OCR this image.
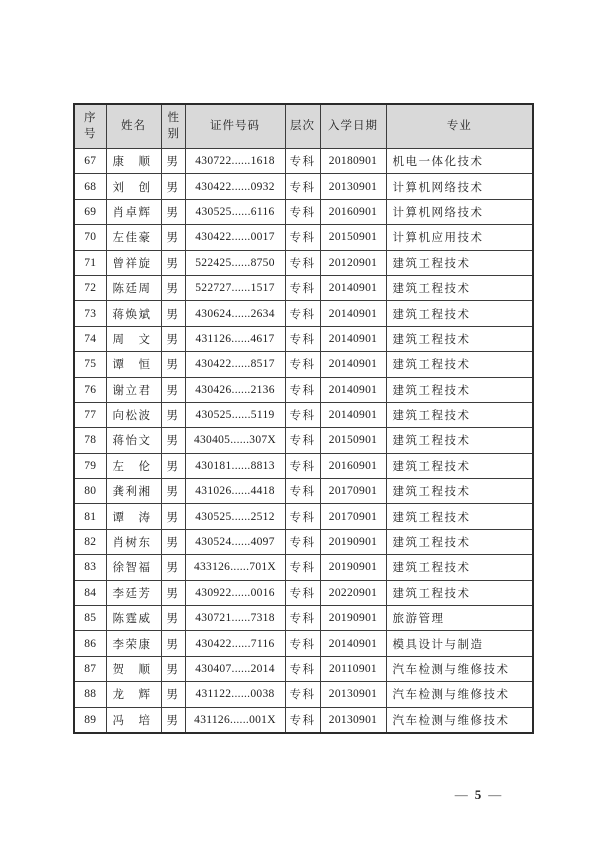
序号	姓名	性别	证件号码	层次	入学日期	专业
67	康　顺	男	430722......1618	专科	20180901	机电一体化技术
68	刘　创	男	430422......0932	专科	20130901	计算机网络技术
69	肖卓辉	男	430525......6116	专科	20160901	计算机网络技术
70	左佳豪	男	430422......0017	专科	20150901	计算机应用技术
71	曾祥旋	男	522425......8750	专科	20120901	建筑工程技术
72	陈廷周	男	522727......1517	专科	20140901	建筑工程技术
73	蒋焕斌	男	430624......2634	专科	20140901	建筑工程技术
74	周　文	男	431126......4617	专科	20140901	建筑工程技术
75	谭　恒	男	430422......8517	专科	20140901	建筑工程技术
76	谢立君	男	430426......2136	专科	20140901	建筑工程技术
77	向松波	男	430525......5119	专科	20140901	建筑工程技术
78	蒋怡文	男	430405......307X	专科	20150901	建筑工程技术
79	左　伦	男	430181......8813	专科	20160901	建筑工程技术
80	龚利湘	男	431026......4418	专科	20170901	建筑工程技术
81	谭　涛	男	430525......2512	专科	20170901	建筑工程技术
82	肖树东	男	430524......4097	专科	20190901	建筑工程技术
83	徐智福	男	433126......701X	专科	20190901	建筑工程技术
84	李廷芳	男	430922......0016	专科	20220901	建筑工程技术
85	陈霆威	男	430721......7318	专科	20190901	旅游管理
86	李荣康	男	430422......7116	专科	20140901	模具设计与制造
87	贺　顺	男	430407......2014	专科	20110901	汽车检测与维修技术
88	龙　辉	男	431122......0038	专科	20130901	汽车检测与维修技术
89	冯　培	男	431126......001X	专科	20130901	汽车检测与维修技术
— 5 —
